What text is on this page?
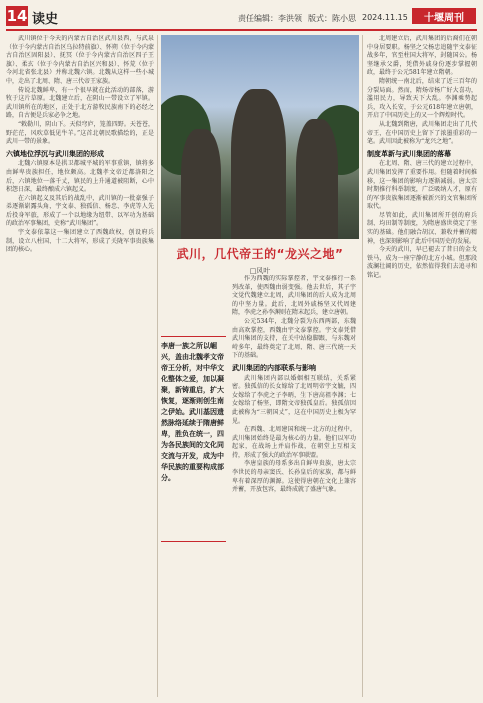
14 读史	责任编辑：李洪领 版式：陈小思 2024.11.15	十堰周刊

武川镇位于今天的内蒙古自治区武川县西，与武泉（位于今内蒙古自治区乌拉特前旗）、怀朔（位于今内蒙古自治区固阳县）、抚冥（位于今内蒙古自治区四子王旗）、柔玄（位于今内蒙古自治区兴和县）、怀荒（位于今河北省张北县）并称北魏六镇。北魏从这样一些小城中，走出了北周、隋、唐三代帝王家族。

传说北魏鲜卑，有一个很早就在此活动的部落，游牧于这片草原。北魏建立后，在阴山一带设立了军镇。武川镇所在的地区，正处于北方游牧民族南下的必经之路，自古便是兵家必争之地。

“敕勒川，阴山下。天似穹庐，笼盖四野。天苍苍，野茫茫，风吹草低见牛羊。”这首北朝民歌描绘的，正是武川一带的景象。

六镇地位浮沉与武川集团的形成

北魏六镇原本是拱卫都城平城的军事重镇，镇将多由鲜卑贵族担任，地位颇高。北魏孝文帝迁都洛阳之后，六镇地位一落千丈，镇民的上升通道被阻断，心中积怨日深，最终酿成六镇起义。

在六镇起义及其后的战乱中，武川镇的一批豪强子弟逐渐崭露头角，宇文泰、独孤信、杨忠、李虎等人先后投身军旅，形成了一个以地缘为纽带、以军功为基础的政治军事集团，史称“武川集团”。

宇文泰依靠这一集团建立了西魏政权，创设府兵制，设立八柱国、十二大将军，形成了关陇军事贵族集团的核心。	武川，几代帝王的“龙兴之地”
□风叶
李唐一族之所以崛兴，盖由北魏孝文帝帝王分析，对中华文化整体之爱，加以凝聚，新铸重启，扩大恢复，逐渐则创生南之伊始。武川基因遗然脉络延续于隋唐鲜卑，胜负在统一，四为各民族间的文化同交流与开发，成为中华民族的重要构成部分。

作为西魏的实际掌控者，宇文泰推行一系列改革，使西魏由弱变强。他去世后，其子宇文觉代魏建立北周，武川集团的后人成为北周的中坚力量。此后，北周外戚杨坚又代周建隋，李虎之孙李渊则在隋末起兵，建立唐朝。

公元534年，北魏分裂为东西两部，东魏由高欢掌控，西魏由宇文泰掌控。宇文泰凭借武川集团的支持，在关中站稳脚跟，与东魏对峙多年，最终奠定了北周、隋、唐三代统一天下的基础。

武川集团的内部联系与影响

武川集团内部以婚姻相互联结，关系紧密。独孤信的长女嫁给了北周明帝宇文毓，四女嫁给了李虎之子李昞，生下唐高祖李渊；七女嫁给了杨坚，即隋文帝独孤皇后。独孤信因此被称为“三朝国丈”，这在中国历史上极为罕见。

在西魏、北周建国和统一北方的过程中，武川集团始终是最为核心的力量。他们以军功起家，在战场上并肩作战，在朝堂上互相支持，形成了强大的政治军事联盟。

李唐皇族的母系多出自鲜卑贵族，唐太宗李世民的母亲窦氏、长孙皇后的家族，都与鲜卑有着深厚的渊源。这使得唐朝在文化上兼容并蓄，开放包容，最终成就了盛唐气象。

北周建立后，武川集团的后裔们在朝中身居要职。杨坚之父杨忠追随宇文泰征战多年，官至柱国大将军，封随国公。杨坚继承父爵，凭借外戚身份逐步掌握朝政，最终于公元581年建立隋朝。

隋朝统一南北后，结束了近三百年的分裂局面。然而，隋炀帝杨广好大喜功，滥用民力，导致天下大乱。李渊乘势起兵，攻入长安，于公元618年建立唐朝，开启了中国历史上的又一个辉煌时代。

从北魏到隋唐，武川集团走出了几代帝王，在中国历史上留下了浓墨重彩的一笔。武川因此被称为“龙兴之地”。

制度革新与武川集团的落幕

在北周、隋、唐三代的建立过程中，武川集团发挥了重要作用。但随着时间推移，这一集团的影响力逐渐减弱。唐太宗时期推行科举制度，广泛吸纳人才，原有的军事贵族集团逐渐被新兴的文官集团所取代。

尽管如此，武川集团所开创的府兵制、均田制等制度，为隋唐盛世奠定了坚实的基础。他们融合胡汉、兼收并蓄的精神，也深刻影响了此后中国历史的发展。

今天的武川，早已褪去了昔日的金戈铁马，成为一座宁静的北方小城。但那段波澜壮阔的历史，依然值得我们去追寻和铭记。
